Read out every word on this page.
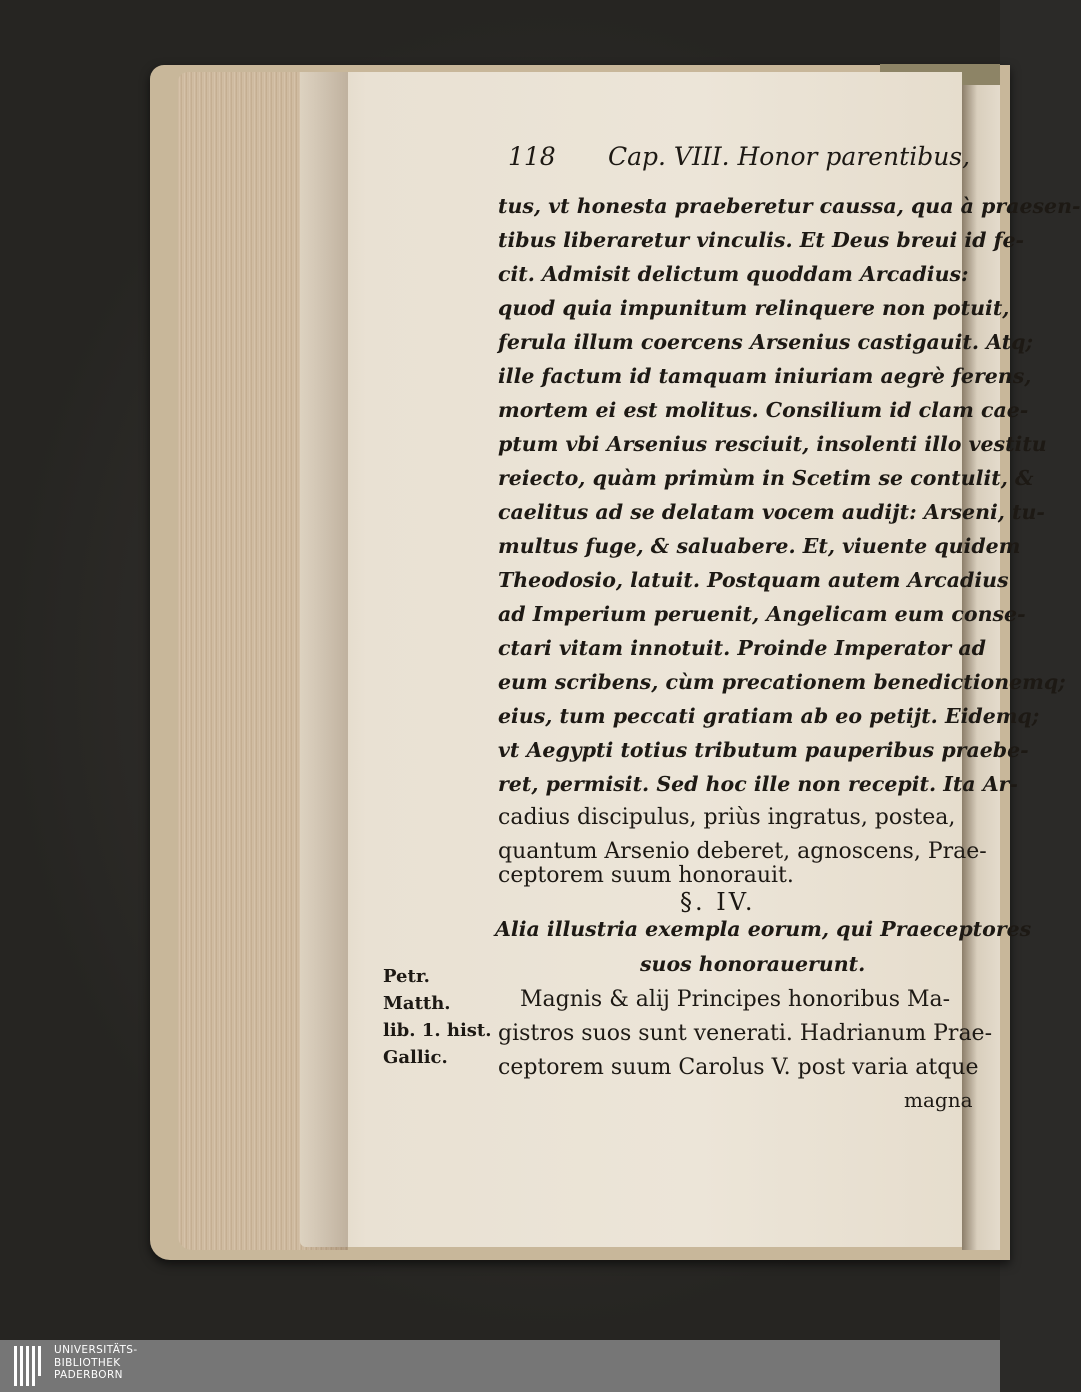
118 Cap. VIII. Honor parentibus,
tus, vt honesta praeberetur caussa, qua à praesen-
tibus liberaretur vinculis. Et Deus breui id fe-
cit. Admisit delictum quoddam Arcadius:
quod quia impunitum relinquere non potuit,
ferula illum coercens Arsenius castigauit. Atq;
ille factum id tamquam iniuriam aegrè ferens,
mortem ei est molitus. Consilium id clam cae-
ptum vbi Arsenius resciuit, insolenti illo vestitu
reiecto, quàm primùm in Scetim se contulit, &
caelitus ad se delatam vocem audijt: Arseni, tu-
multus fuge, & saluabere. Et, viuente quidem
Theodosio, latuit. Postquam autem Arcadius
ad Imperium peruenit, Angelicam eum conse-
ctari vitam innotuit. Proinde Imperator ad
eum scribens, cùm precationem benedictionemq;
eius, tum peccati gratiam ab eo petijt. Eidemq;
vt Aegypti totius tributum pauperibus praebe-
ret, permisit. Sed hoc ille non recepit. Ita Ar-
cadius discipulus, priùs ingratus, postea,
quantum Arsenio deberet, agnoscens, Prae-
ceptorem suum honorauit.
§. IV.
Alia illustria exempla eorum, qui Praeceptores
suos honorauerunt.
Magnis & alij Principes honoribus Ma-
gistros suos sunt venerati. Hadrianum Prae-
ceptorem suum Carolus V. post varia atque
magna
Petr.
Matth.
lib. 1. hist.
Gallic.
UNIVERSITÄTS-
BIBLIOTHEK
PADERBORN
